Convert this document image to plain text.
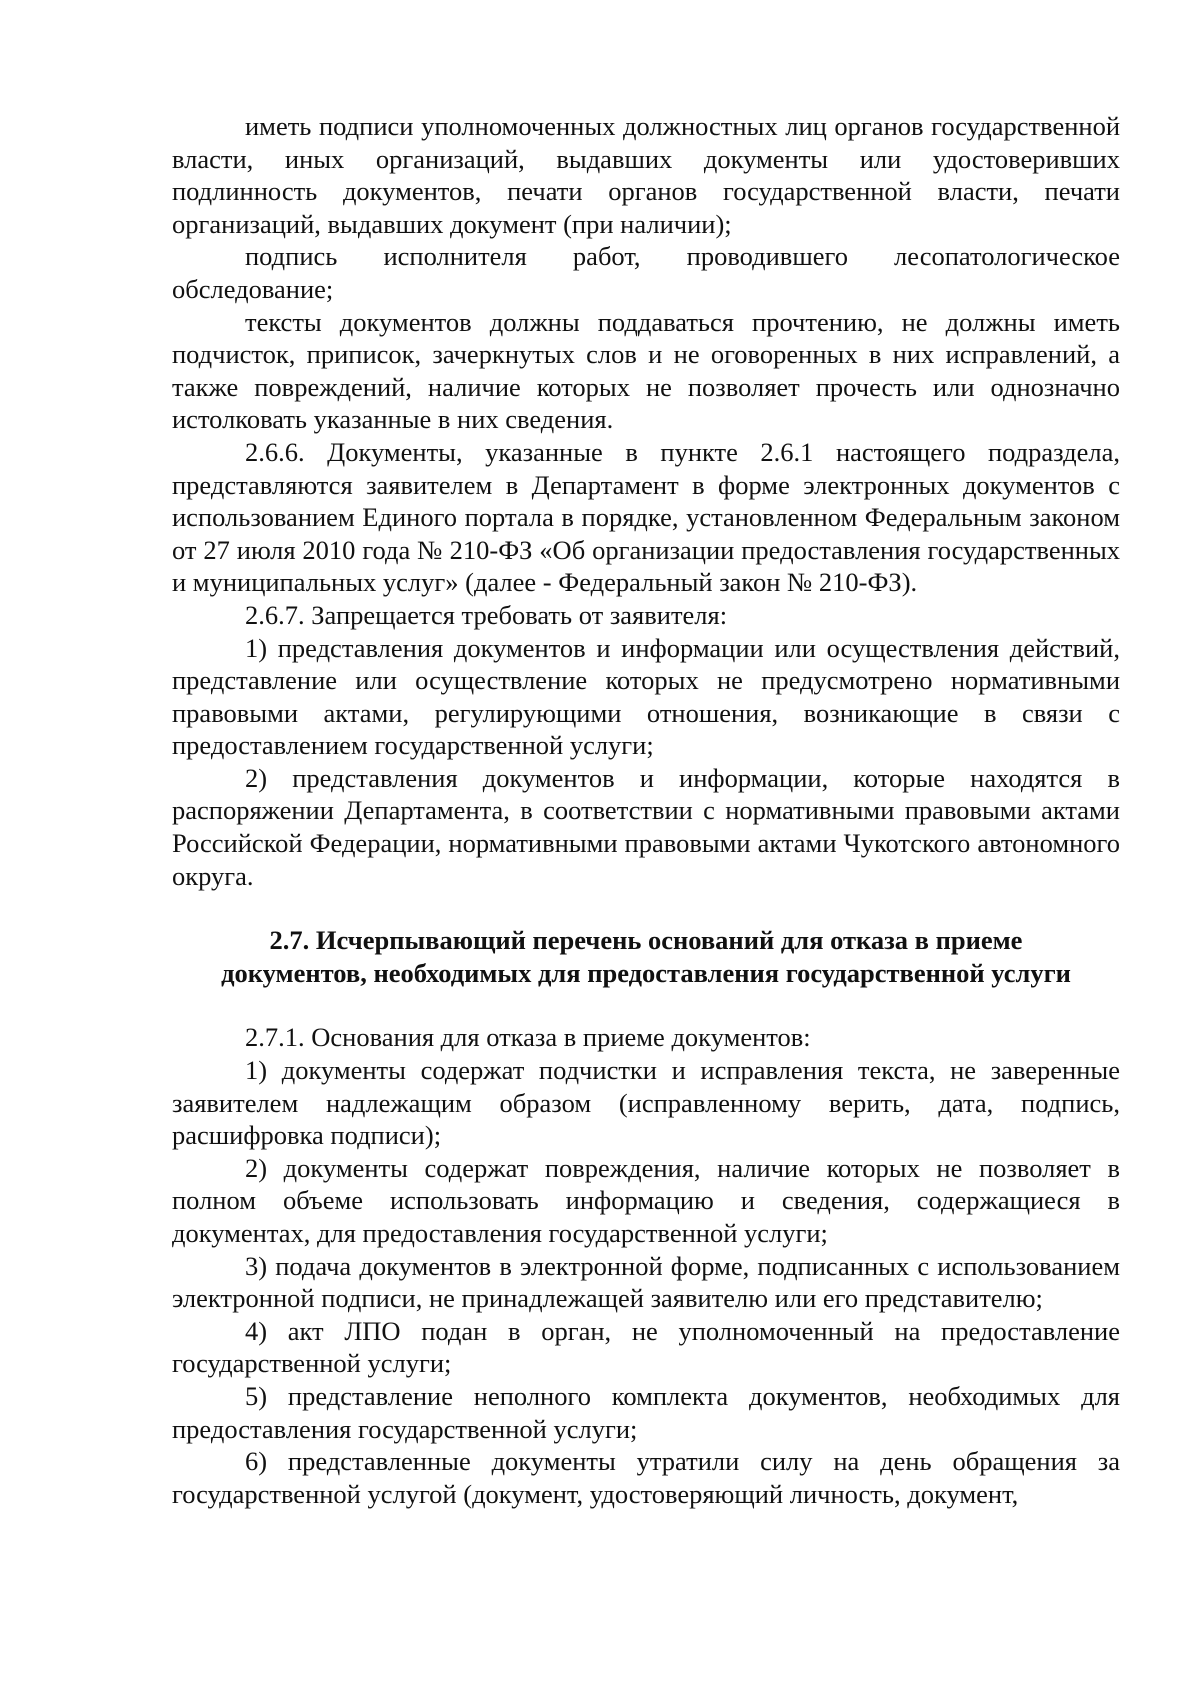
иметь подписи уполномоченных должностных лиц органов государственной власти, иных организаций, выдавших документы или удостоверивших подлинность документов, печати органов государственной власти, печати организаций, выдавших документ (при наличии);

подпись исполнителя работ, проводившего лесопатологическое обследование;

тексты документов должны поддаваться прочтению, не должны иметь подчисток, приписок, зачеркнутых слов и не оговоренных в них исправлений, а также повреждений, наличие которых не позволяет прочесть или однозначно истолковать указанные в них сведения.

2.6.6. Документы, указанные в пункте 2.6.1 настоящего подраздела, представляются заявителем в Департамент в форме электронных документов с использованием Единого портала в порядке, установленном Федеральным законом от 27 июля 2010 года № 210-ФЗ «Об организации предоставления государственных и муниципальных услуг» (далее - Федеральный закон № 210-ФЗ).

2.6.7. Запрещается требовать от заявителя:

1) представления документов и информации или осуществления действий, представление или осуществление которых не предусмотрено нормативными правовыми актами, регулирующими отношения, возникающие в связи с предоставлением государственной услуги;

2) представления документов и информации, которые находятся в распоряжении Департамента, в соответствии с нормативными правовыми актами Российской Федерации, нормативными правовыми актами Чукотского автономного округа.

2.7. Исчерпывающий перечень оснований для отказа в приеме
документов, необходимых для предоставления государственной услуги

2.7.1. Основания для отказа в приеме документов:

1) документы содержат подчистки и исправления текста, не заверенные заявителем надлежащим образом (исправленному верить, дата, подпись, расшифровка подписи);

2) документы содержат повреждения, наличие которых не позволяет в полном объеме использовать информацию и сведения, содержащиеся в документах, для предоставления государственной услуги;

3) подача документов в электронной форме, подписанных с использованием электронной подписи, не принадлежащей заявителю или его представителю;

4) акт ЛПО подан в орган, не уполномоченный на предоставление государственной услуги;

5) представление неполного комплекта документов, необходимых для предоставления государственной услуги;

6) представленные документы утратили силу на день обращения за государственной услугой (документ, удостоверяющий личность, документ,
